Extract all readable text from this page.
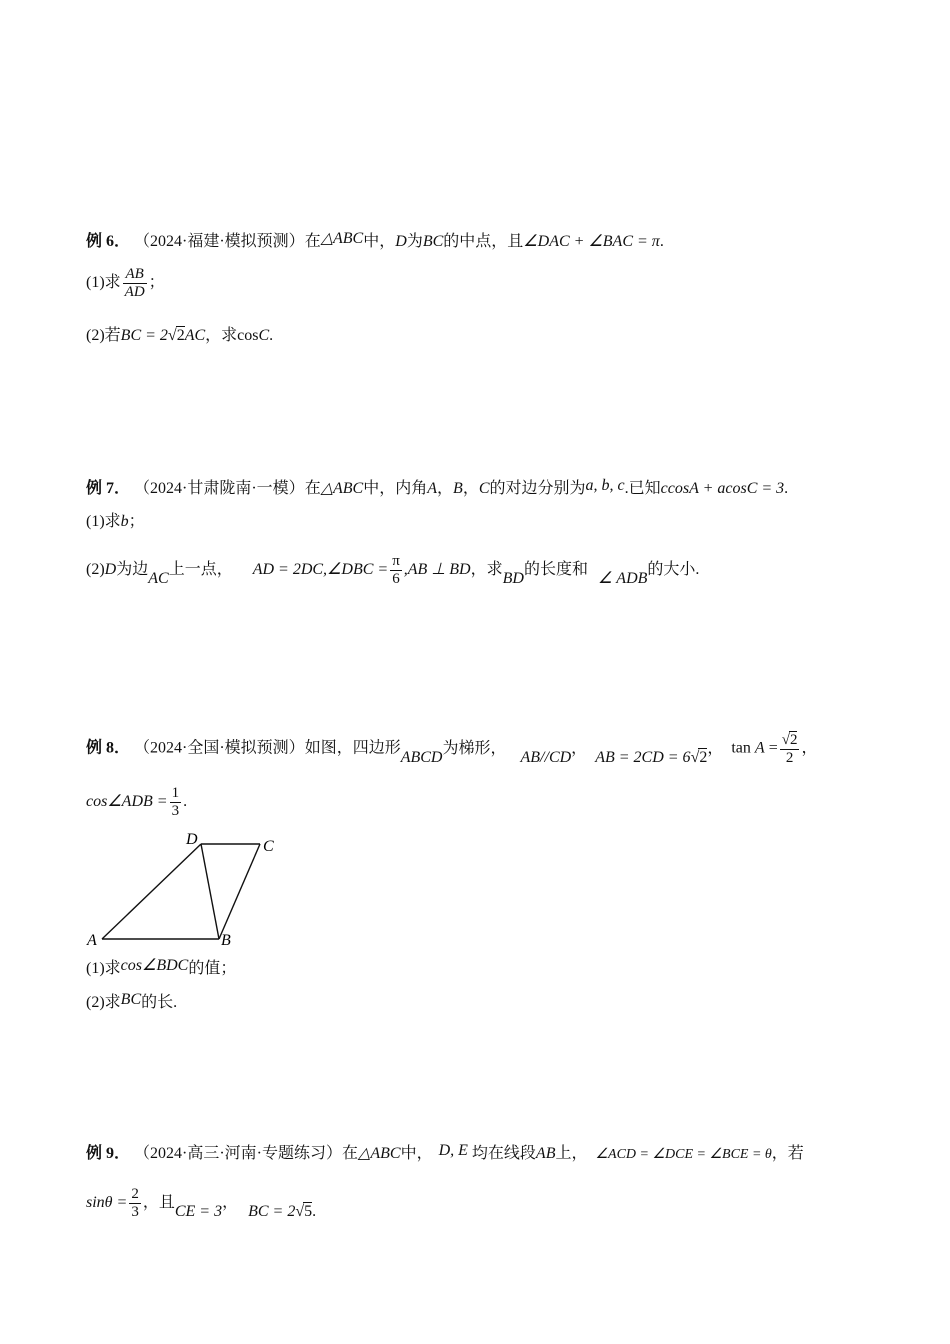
例 6． （2024·福建·模拟预测）在△ABC中，D为BC的中点，且∠DAC + ∠BAC = π.
(1)求 $\frac{AB}{AD}$ ；
(2)若BC = 2√2AC，求cosC.
例 7． （2024·甘肃陇南·一模）在△ABC中，内角A，B，C的对边分别为a, b, c.已知ccosA + acosC = 3.
(1)求b；
(2)D为边AC上一点， AD = 2DC,∠DBC = $\frac{\pi}{6} ,AB$ ⊥ BD，求BD的长度和∠ ADB的大小.
例 8． （2024·全国·模拟预测）如图，四边形ABCD为梯形，AB//CD，AB = 2CD = 6√2， $\tan A = \frac{√2}{2}$ ，
cos∠ADB = $\frac{1}{3}$ .
D	C
A	B
(1)求cos∠BDC的值；
(2)求BC的长.
例 9． （2024·高三·河南·专题练习）在△ABC中， D, E 均在线段AB上， ∠ACD = ∠DCE = ∠BCE = θ，若
$\sin\theta = \frac{2}{3}$ ，且CE = 3，BC = 2√5.
